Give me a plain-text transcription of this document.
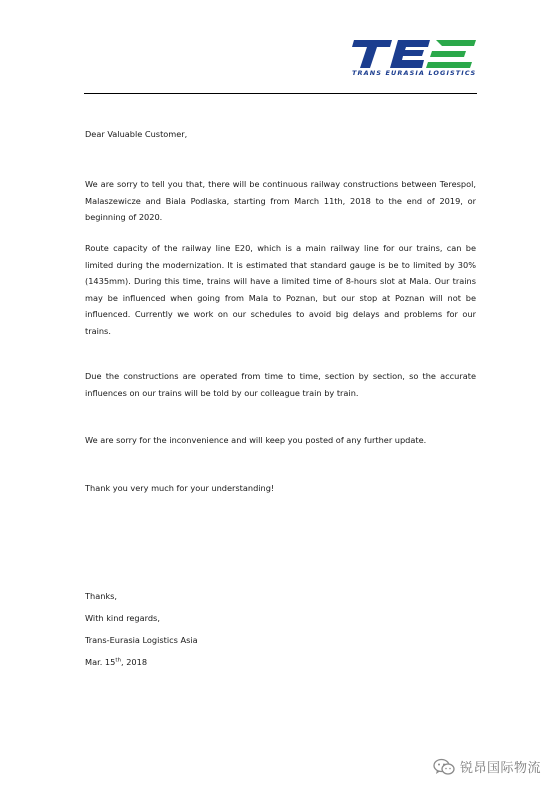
TRANS EURASIA LOGISTICS
Dear Valuable Customer,
We are sorry to tell you that, there will be continuous railway constructions between Terespol, Malaszewicze and Biala Podlaska, starting from March 11th, 2018 to the end of 2019, or beginning of 2020.
Route capacity of the railway line E20, which is a main railway line for our trains, can be limited during the modernization. It is estimated that standard gauge is be to limited by 30% (1435mm). During this time, trains will have a limited time of 8-hours slot at Mala. Our trains may be influenced when going from Mala to Poznan, but our stop at Poznan will not be influenced. Currently we work on our schedules to avoid big delays and problems for our trains.
Due the constructions are operated from time to time, section by section, so the accurate influences on our trains will be told by our colleague train by train.
We are sorry for the inconvenience and will keep you posted of any further update.
Thank you very much for your understanding!
Thanks,
With kind regards,
Trans-Eurasia Logistics Asia
Mar. 15th, 2018
锐昂国际物流
